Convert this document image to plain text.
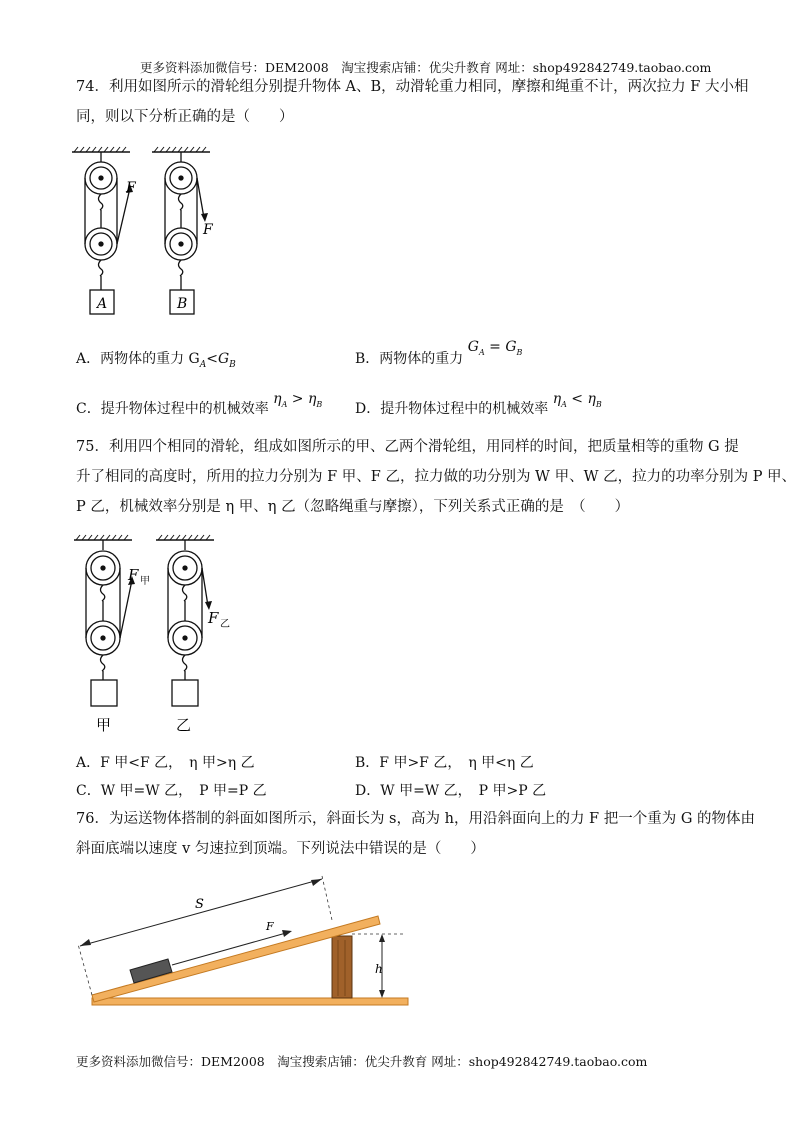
更多资料添加微信号：DEM2008　淘宝搜索店铺：优尖升教育 网址：shop492842749.taobao.com
74．利用如图所示的滑轮组分别提升物体 A、B，动滑轮重力相同，摩擦和绳重不计，两次拉力 F 大小相
同，则以下分析正确的是（　　）
F
F
A	B
A．两物体的重力 $G_A<G_B$	B．两物体的重力 $G_A = G_B$
C．提升物体过程中的机械效率 $\eta_A > \eta_B$ D．提升物体过程中的机械效率 $\eta_A < \eta_B$
75．利用四个相同的滑轮，组成如图所示的甲、乙两个滑轮组，用同样的时间，把质量相等的重物 G 提
升了相同的高度时，所用的拉力分别为 F 甲、F 乙，拉力做的功分别为 W 甲、W 乙，拉力的功率分别为 P 甲、
P 乙，机械效率分别是 η 甲、η 乙（忽略绳重与摩擦），下列关系式正确的是　（　　）
F 甲
F 乙
甲	乙
A．F 甲<F 乙，　η 甲>η 乙	B．F 甲>F 乙，　η 甲<η 乙
C．W 甲=W 乙，　P 甲=P 乙	D．W 甲=W 乙，　P 甲>P 乙
76．为运送物体搭制的斜面如图所示，斜面长为 s，高为 h，用沿斜面向上的力 F 把一个重为 G 的物体由
斜面底端以速度 v 匀速拉到顶端。下列说法中错误的是（　　）
F
S
h
更多资料添加微信号：DEM2008　淘宝搜索店铺：优尖升教育 网址：shop492842749.taobao.com
